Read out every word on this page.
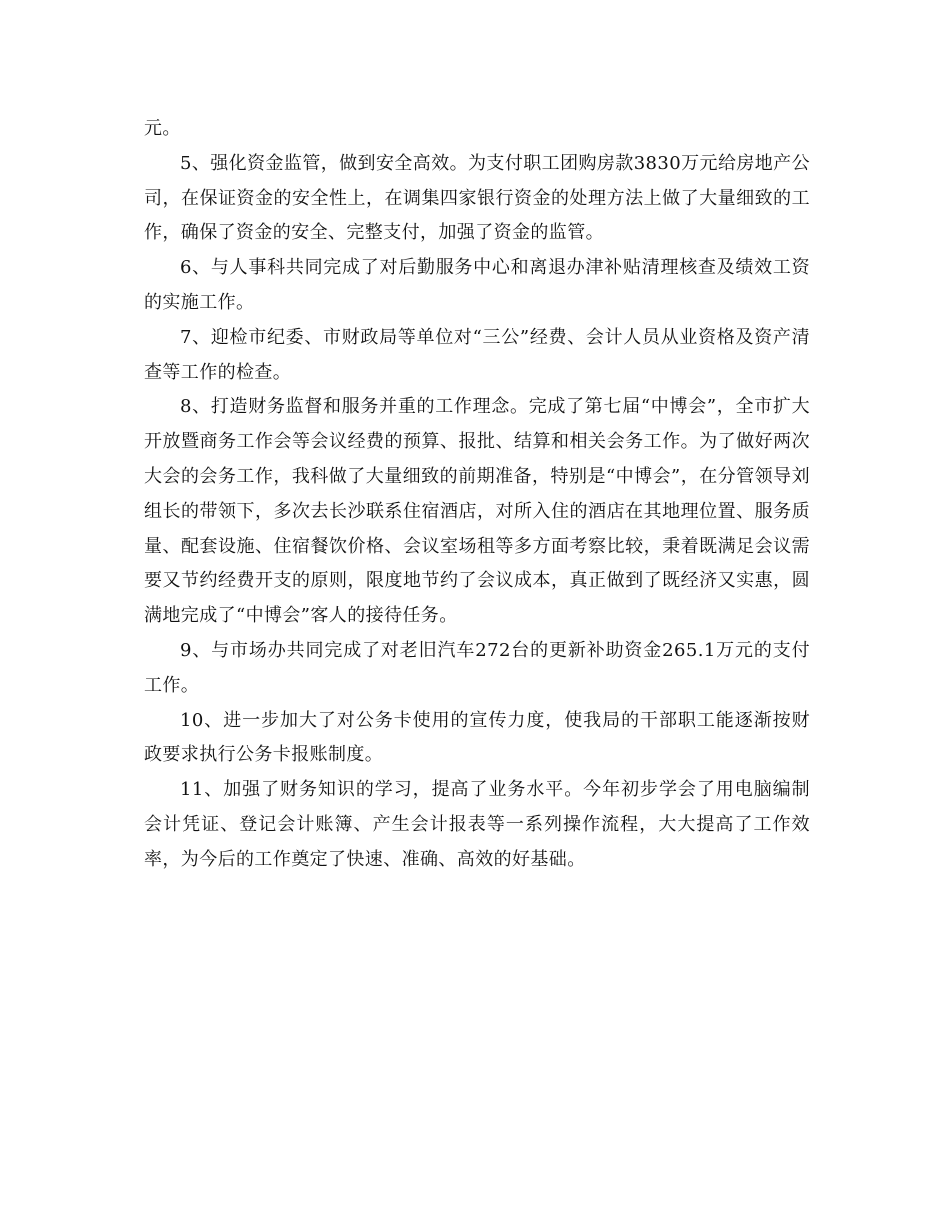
元。

5、强化资金监管，做到安全高效。为支付职工团购房款3830万元给房地产公司，在保证资金的安全性上，在调集四家银行资金的处理方法上做了大量细致的工作，确保了资金的安全、完整支付，加强了资金的监管。

6、与人事科共同完成了对后勤服务中心和离退办津补贴清理核查及绩效工资的实施工作。

7、迎检市纪委、市财政局等单位对“三公”经费、会计人员从业资格及资产清查等工作的检查。

8、打造财务监督和服务并重的工作理念。完成了第七届“中博会”，全市扩大开放暨商务工作会等会议经费的预算、报批、结算和相关会务工作。为了做好两次大会的会务工作，我科做了大量细致的前期准备，特别是“中博会”，在分管领导刘组长的带领下，多次去长沙联系住宿酒店，对所入住的酒店在其地理位置、服务质量、配套设施、住宿餐饮价格、会议室场租等多方面考察比较，秉着既满足会议需要又节约经费开支的原则，限度地节约了会议成本，真正做到了既经济又实惠，圆满地完成了“中博会”客人的接待任务。

9、与市场办共同完成了对老旧汽车272台的更新补助资金265.1万元的支付工作。

10、进一步加大了对公务卡使用的宣传力度，使我局的干部职工能逐渐按财政要求执行公务卡报账制度。

11、加强了财务知识的学习，提高了业务水平。今年初步学会了用电脑编制会计凭证、登记会计账簿、产生会计报表等一系列操作流程，大大提高了工作效率，为今后的工作奠定了快速、准确、高效的好基础。
